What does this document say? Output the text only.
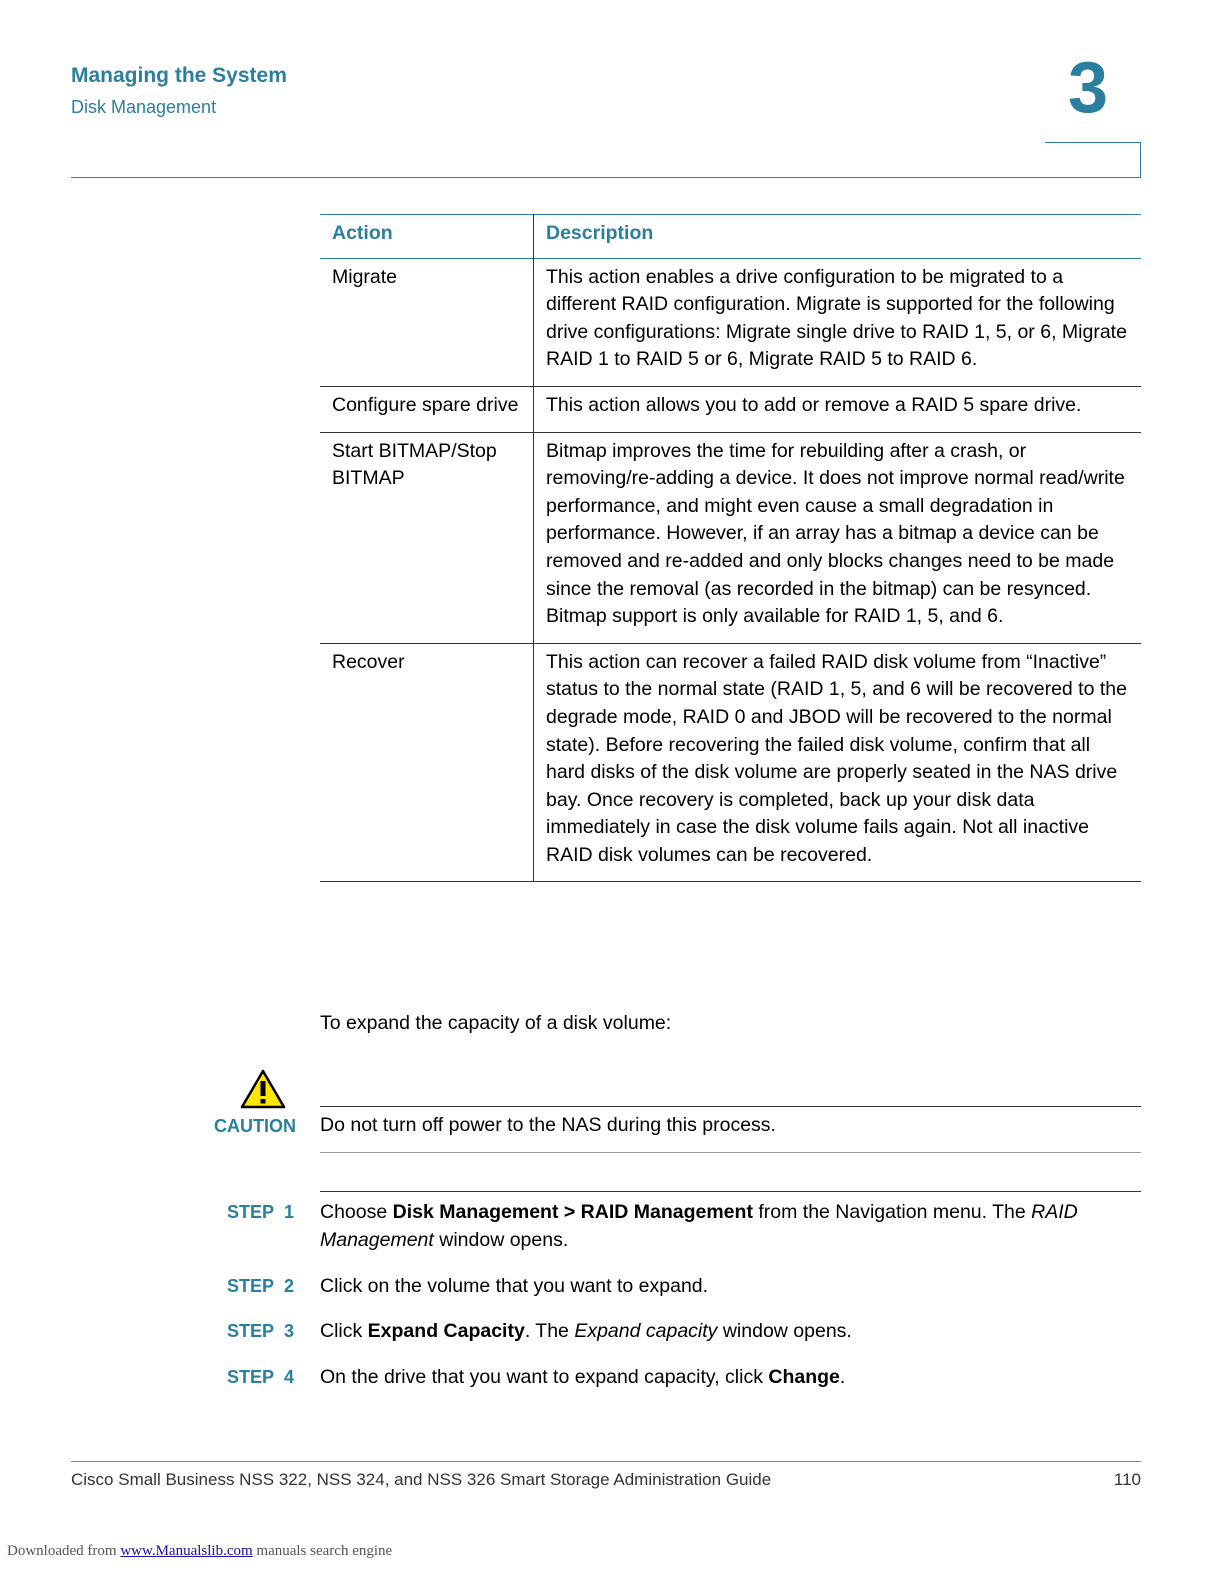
Managing the System
Disk Management	3
Action	Description
Migrate	This action enables a drive configuration to be migrated to a different RAID configuration. Migrate is supported for the following drive configurations: Migrate single drive to RAID 1, 5, or 6, Migrate RAID 1 to RAID 5 or 6, Migrate RAID 5 to RAID 6.
Configure spare drive	This action allows you to add or remove a RAID 5 spare drive.
Start BITMAP/Stop BITMAP	Bitmap improves the time for rebuilding after a crash, or removing/re-adding a device. It does not improve normal read/write performance, and might even cause a small degradation in performance. However, if an array has a bitmap a device can be removed and re-added and only blocks changes need to be made since the removal (as recorded in the bitmap) can be resynced. Bitmap support is only available for RAID 1, 5, and 6.
Recover	This action can recover a failed RAID disk volume from “Inactive” status to the normal state (RAID 1, 5, and 6 will be recovered to the degrade mode, RAID 0 and JBOD will be recovered to the normal state). Before recovering the failed disk volume, confirm that all hard disks of the disk volume are properly seated in the NAS drive bay. Once recovery is completed, back up your disk data immediately in case the disk volume fails again. Not all inactive RAID disk volumes can be recovered.
To expand the capacity of a disk volume:
CAUTION Do not turn off power to the NAS during this process.
STEP 1 Choose Disk Management > RAID Management from the Navigation menu. The RAID Management window opens.
STEP 2 Click on the volume that you want to expand.
STEP 3 Click Expand Capacity. The Expand capacity window opens.
STEP 4 On the drive that you want to expand capacity, click Change.
Cisco Small Business NSS 322, NSS 324, and NSS 326 Smart Storage Administration Guide	110
Downloaded from www.Manualslib.com manuals search engine
